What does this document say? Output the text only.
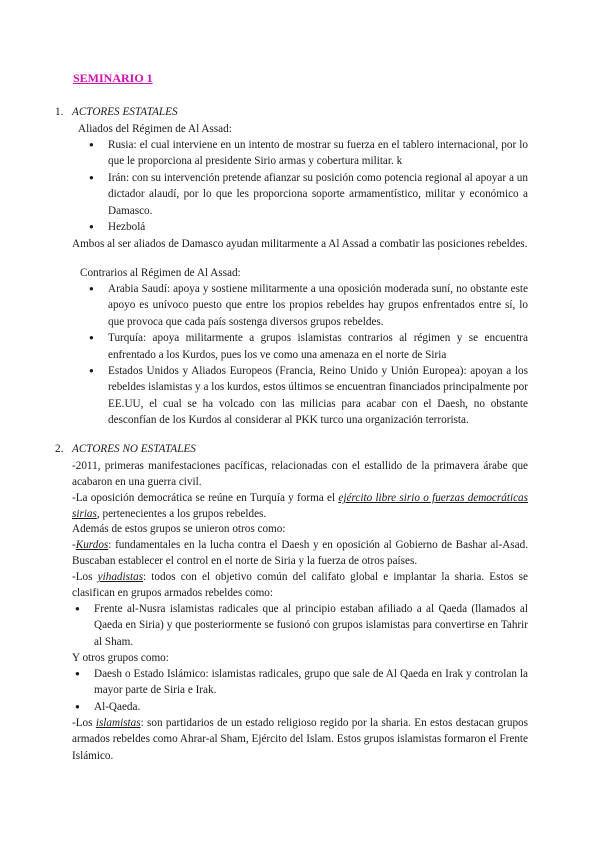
SEMINARIO 1
1. ACTORES ESTATALES
Aliados del Régimen de Al Assad:
● Rusia: el cual interviene en un intento de mostrar su fuerza en el tablero internacional, por lo que le proporciona al presidente Sirio armas y cobertura militar. k
● Irán: con su intervención pretende afianzar su posición como potencia regional al apoyar a un dictador alaudí, por lo que les proporciona soporte armamentístico, militar y económico a Damasco.
● Hezbolá
Ambos al ser aliados de Damasco ayudan militarmente a Al Assad a combatir las posiciones rebeldes.
Contrarios al Régimen de Al Assad:
● Arabia Saudí: apoya y sostiene militarmente a una oposición moderada suní, no obstante este apoyo es unívoco puesto que entre los propios rebeldes hay grupos enfrentados entre sí, lo que provoca que cada país sostenga diversos grupos rebeldes.
● Turquía: apoya militarmente a grupos islamistas contrarios al régimen y se encuentra enfrentado a los Kurdos, pues los ve como una amenaza en el norte de Siria
● Estados Unidos y Aliados Europeos (Francia, Reino Unido y Unión Europea): apoyan a los rebeldes islamistas y a los kurdos, estos últimos se encuentran financiados principalmente por EE.UU, el cual se ha volcado con las milicias para acabar con el Daesh, no obstante desconfían de los Kurdos al considerar al PKK turco una organización terrorista.
2. ACTORES NO ESTATALES
-2011, primeras manifestaciones pacíficas, relacionadas con el estallido de la primavera árabe que acabaron en una guerra civil.
-La oposición democrática se reúne en Turquía y forma el ejército libre sirio o fuerzas democráticas sirias, pertenecientes a los grupos rebeldes.
Además de estos grupos se unieron otros como:
-Kurdos: fundamentales en la lucha contra el Daesh y en oposición al Gobierno de Bashar al-Asad. Buscaban establecer el control en el norte de Siria y la fuerza de otros países.
-Los yihadistas: todos con el objetivo común del califato global e implantar la sharia. Estos se clasifican en grupos armados rebeldes como:
● Frente al-Nusra islamistas radicales que al principio estaban afiliado a al Qaeda (llamados al Qaeda en Siria) y que posteriormente se fusionó con grupos islamistas para convertirse en Tahrir al Sham.
Y otros grupos como:
● Daesh o Estado Islámico: islamistas radicales, grupo que sale de Al Qaeda en Irak y controlan la mayor parte de Siria e Irak.
● Al-Qaeda.
-Los islamistas: son partidarios de un estado religioso regido por la sharia. En estos destacan grupos armados rebeldes como Ahrar-al Sham, Ejército del Islam. Estos grupos islamistas formaron el Frente Islámico.
